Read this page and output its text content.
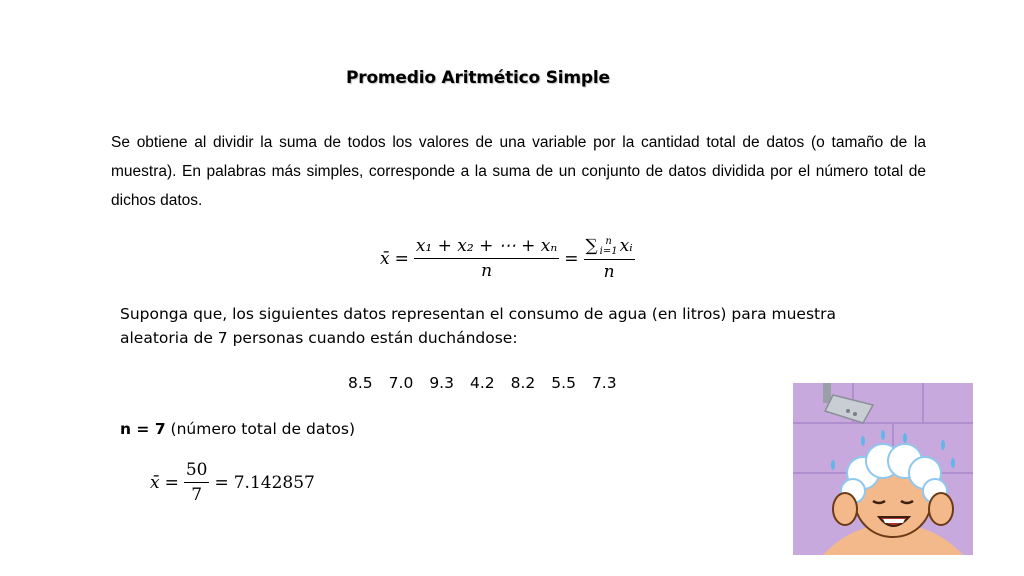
Promedio Aritmético Simple
Se obtiene al dividir la suma de todos los valores de una variable por la cantidad total de datos (o tamaño de la muestra). En palabras más simples, corresponde a la suma de un conjunto de datos dividida por el número total de dichos datos.
x̄ = $\frac{\text{x₁ + x₂ + ⋯ + xₙ}}{n}$ = ∑ n
i=1 xᵢ
n
Suponga que, los siguientes datos representan el consumo de agua (en litros) para muestra aleatoria de 7 personas cuando están duchándose:
8.5 7.0 9.3 4.2 8.2 5.5 7.3
n = 7 (número total de datos)
x̄ = $\frac{50}{7} = 7.142857$
